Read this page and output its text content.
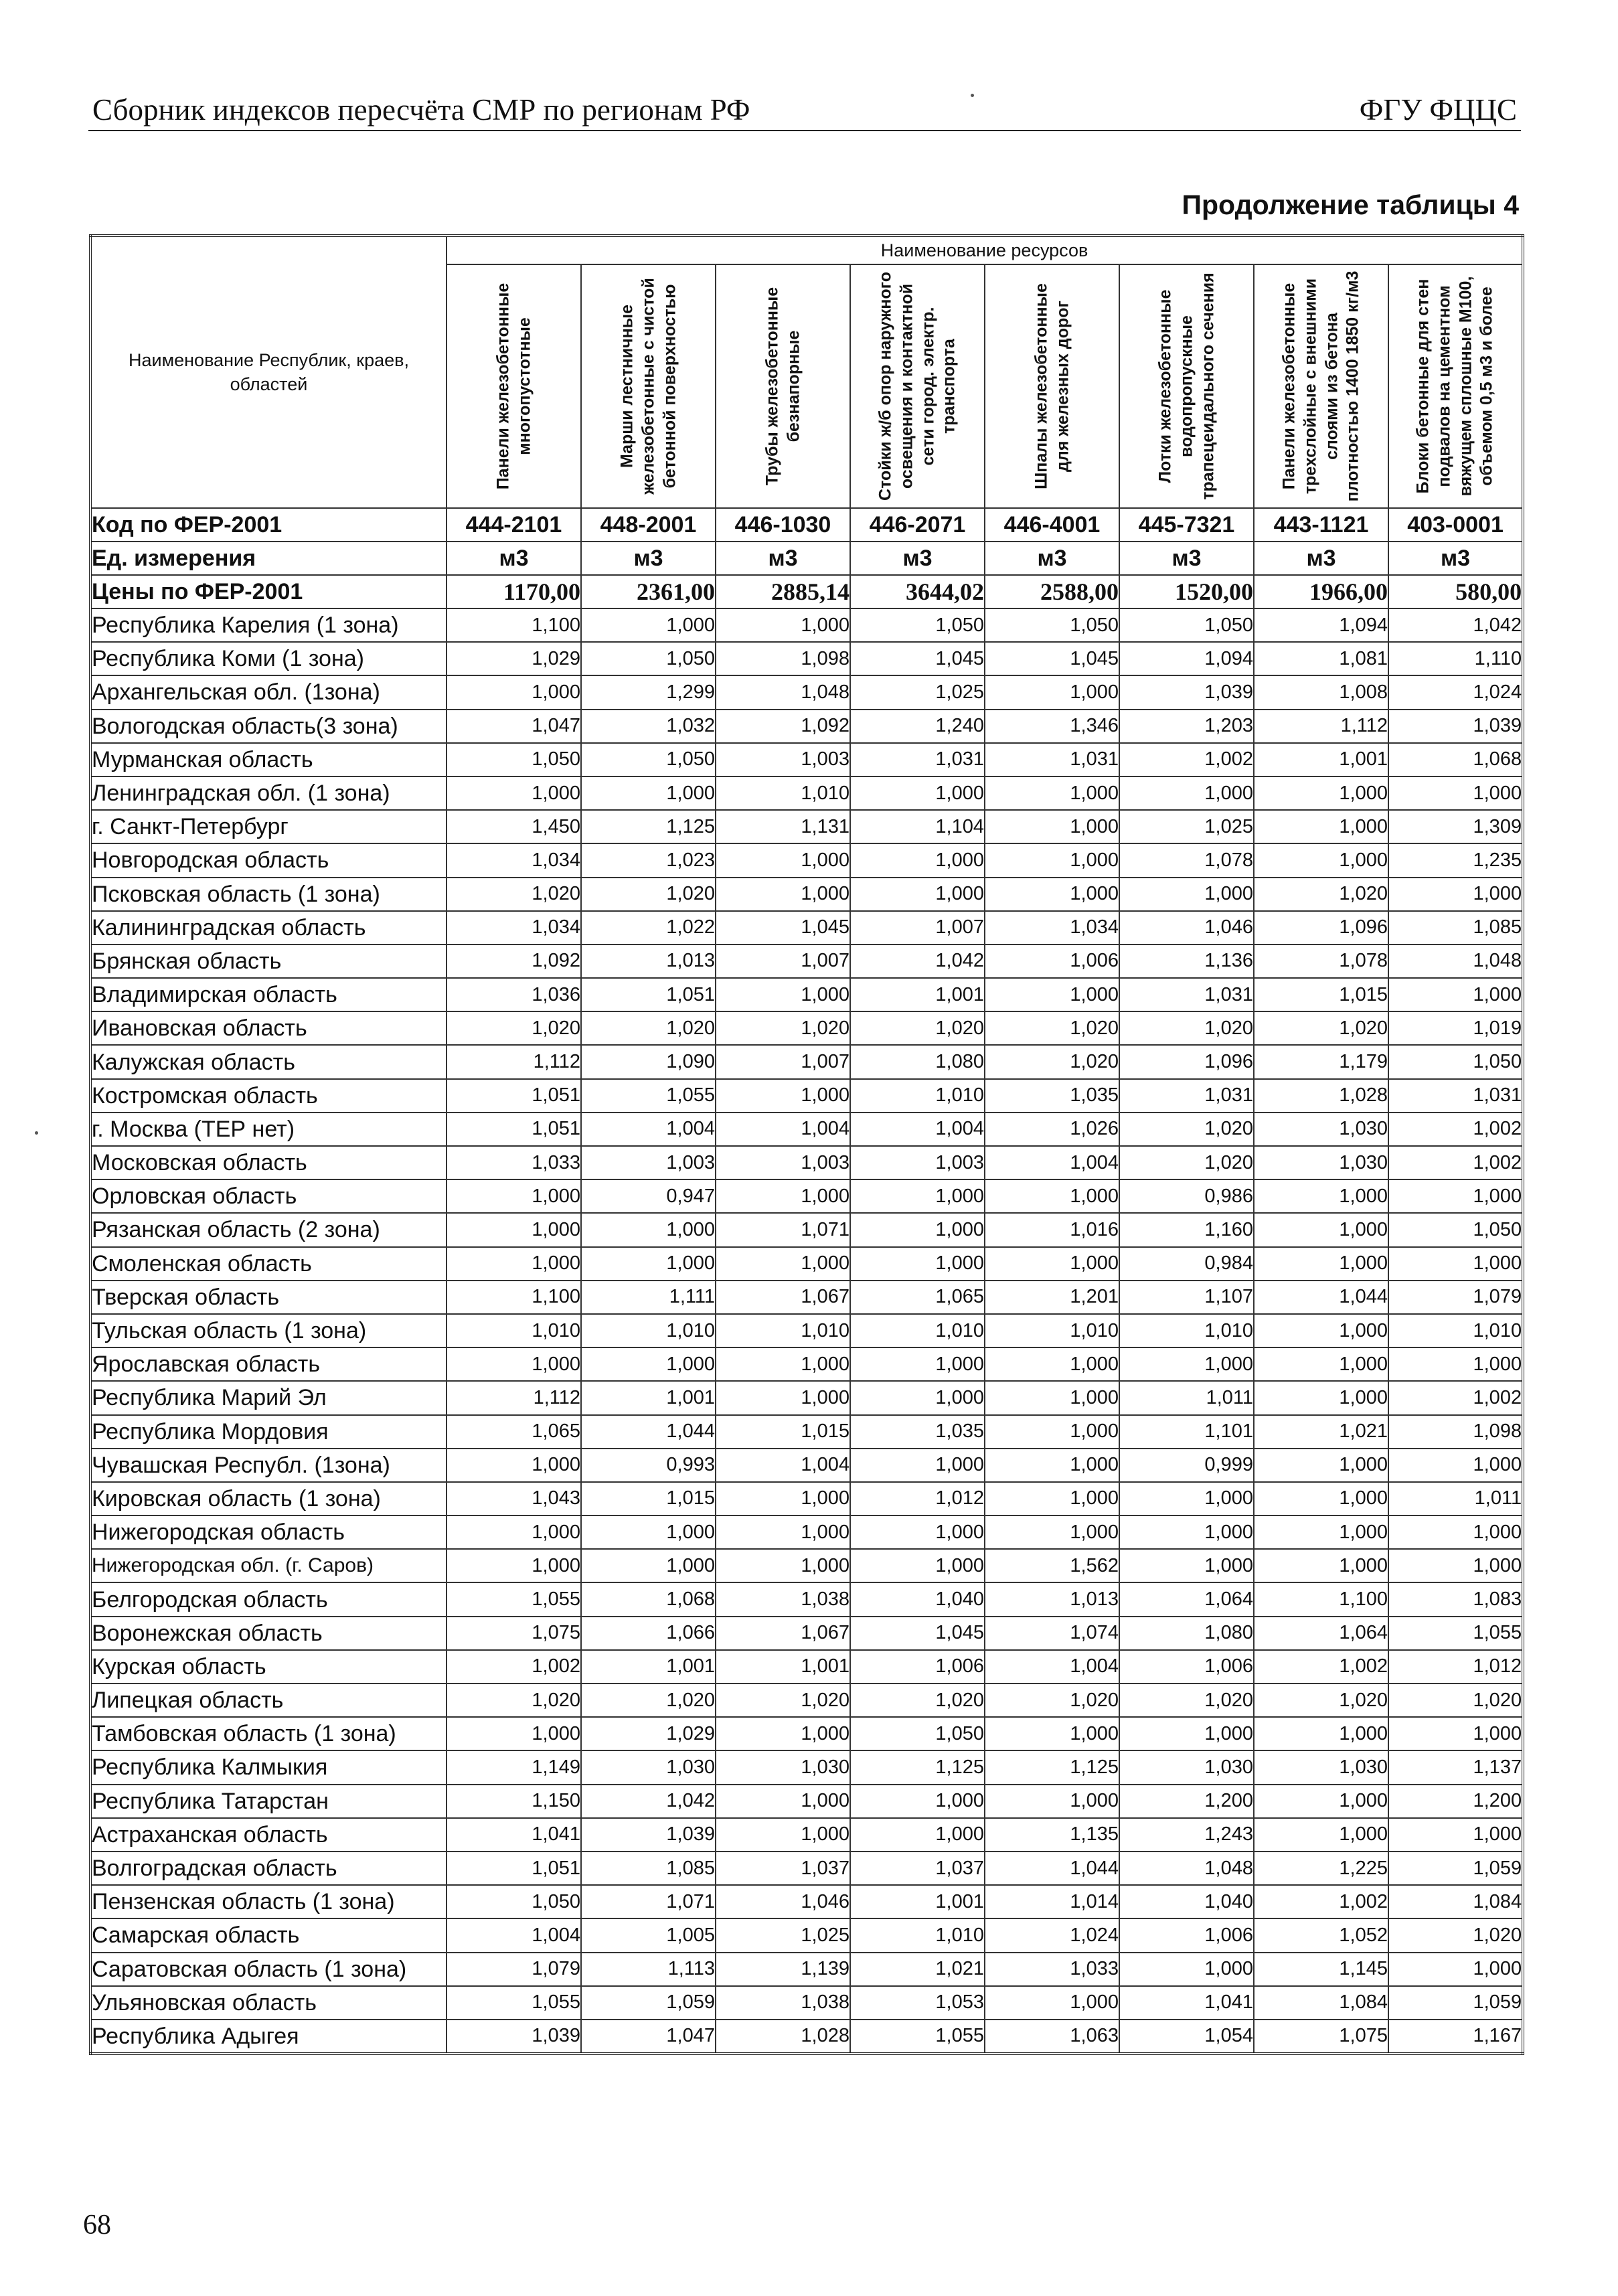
Сборник индексов пересчёта СМР по регионам РФ	ФГУ ФЦЦС
Продолжение таблицы 4
Наименование Республик, краев, областей	Наименование ресурсов							

	Панели железобетонные многопустотные	Марши лестничные железобетонные с чистой бетонной поверхностью	Трубы железобетонные безнапорные	Стойки ж/б опор наружного освещения и контактной сети город. электр. транспорта	Шпалы железобетонные для железных дорог	Лотки железобетонные водопропускные трапецеидального сечения	Панели железобетонные трехслойные с внешними слоями из бетона плотностью 1400 1850 кг/м3	Блоки бетонные для стен подвалов на цементном вяжущем сплошные М100, объемом 0,5 м3 и более

Код по ФЕР-2001	444-2101	448-2001	446-1030	446-2071	446-4001	445-7321	443-1121	403-0001
Ед. измерения	м3	м3	м3	м3	м3	м3	м3	м3
Цены по ФЕР-2001	1170,00	2361,00	2885,14	3644,02	2588,00	1520,00	1966,00	580,00
Республика Карелия (1 зона)	1,100	1,000	1,000	1,050	1,050	1,050	1,094	1,042
Республика Коми (1 зона)	1,029	1,050	1,098	1,045	1,045	1,094	1,081	1,110
Архангельская обл. (1зона)	1,000	1,299	1,048	1,025	1,000	1,039	1,008	1,024
Вологодская область(3 зона)	1,047	1,032	1,092	1,240	1,346	1,203	1,112	1,039
Мурманская область	1,050	1,050	1,003	1,031	1,031	1,002	1,001	1,068
Ленинградская обл. (1 зона)	1,000	1,000	1,010	1,000	1,000	1,000	1,000	1,000
г. Санкт-Петербург	1,450	1,125	1,131	1,104	1,000	1,025	1,000	1,309
Новгородская область	1,034	1,023	1,000	1,000	1,000	1,078	1,000	1,235
Псковская область (1 зона)	1,020	1,020	1,000	1,000	1,000	1,000	1,020	1,000
Калининградская область	1,034	1,022	1,045	1,007	1,034	1,046	1,096	1,085
Брянская область	1,092	1,013	1,007	1,042	1,006	1,136	1,078	1,048
Владимирская область	1,036	1,051	1,000	1,001	1,000	1,031	1,015	1,000
Ивановская область	1,020	1,020	1,020	1,020	1,020	1,020	1,020	1,019
Калужская область	1,112	1,090	1,007	1,080	1,020	1,096	1,179	1,050
Костромская область	1,051	1,055	1,000	1,010	1,035	1,031	1,028	1,031
г. Москва (ТЕР нет)	1,051	1,004	1,004	1,004	1,026	1,020	1,030	1,002
Московская область	1,033	1,003	1,003	1,003	1,004	1,020	1,030	1,002
Орловская область	1,000	0,947	1,000	1,000	1,000	0,986	1,000	1,000
Рязанская область (2 зона)	1,000	1,000	1,071	1,000	1,016	1,160	1,000	1,050
Смоленская область	1,000	1,000	1,000	1,000	1,000	0,984	1,000	1,000
Тверская область	1,100	1,111	1,067	1,065	1,201	1,107	1,044	1,079
Тульская область (1 зона)	1,010	1,010	1,010	1,010	1,010	1,010	1,000	1,010
Ярославская область	1,000	1,000	1,000	1,000	1,000	1,000	1,000	1,000
Республика Марий Эл	1,112	1,001	1,000	1,000	1,000	1,011	1,000	1,002
Республика Мордовия	1,065	1,044	1,015	1,035	1,000	1,101	1,021	1,098
Чувашская Республ. (1зона)	1,000	0,993	1,004	1,000	1,000	0,999	1,000	1,000
Кировская область (1 зона)	1,043	1,015	1,000	1,012	1,000	1,000	1,000	1,011
Нижегородская область	1,000	1,000	1,000	1,000	1,000	1,000	1,000	1,000
Нижегородская обл. (г. Саров)	1,000	1,000	1,000	1,000	1,562	1,000	1,000	1,000
Белгородская область	1,055	1,068	1,038	1,040	1,013	1,064	1,100	1,083
Воронежская область	1,075	1,066	1,067	1,045	1,074	1,080	1,064	1,055
Курская область	1,002	1,001	1,001	1,006	1,004	1,006	1,002	1,012
Липецкая область	1,020	1,020	1,020	1,020	1,020	1,020	1,020	1,020
Тамбовская область (1 зона)	1,000	1,029	1,000	1,050	1,000	1,000	1,000	1,000
Республика Калмыкия	1,149	1,030	1,030	1,125	1,125	1,030	1,030	1,137
Республика Татарстан	1,150	1,042	1,000	1,000	1,000	1,200	1,000	1,200
Астраханская область	1,041	1,039	1,000	1,000	1,135	1,243	1,000	1,000
Волгоградская область	1,051	1,085	1,037	1,037	1,044	1,048	1,225	1,059
Пензенская область (1 зона)	1,050	1,071	1,046	1,001	1,014	1,040	1,002	1,084
Самарская область	1,004	1,005	1,025	1,010	1,024	1,006	1,052	1,020
Саратовская область (1 зона)	1,079	1,113	1,139	1,021	1,033	1,000	1,145	1,000
Ульяновская область	1,055	1,059	1,038	1,053	1,000	1,041	1,084	1,059
Республика Адыгея	1,039	1,047	1,028	1,055	1,063	1,054	1,075	1,167
68
